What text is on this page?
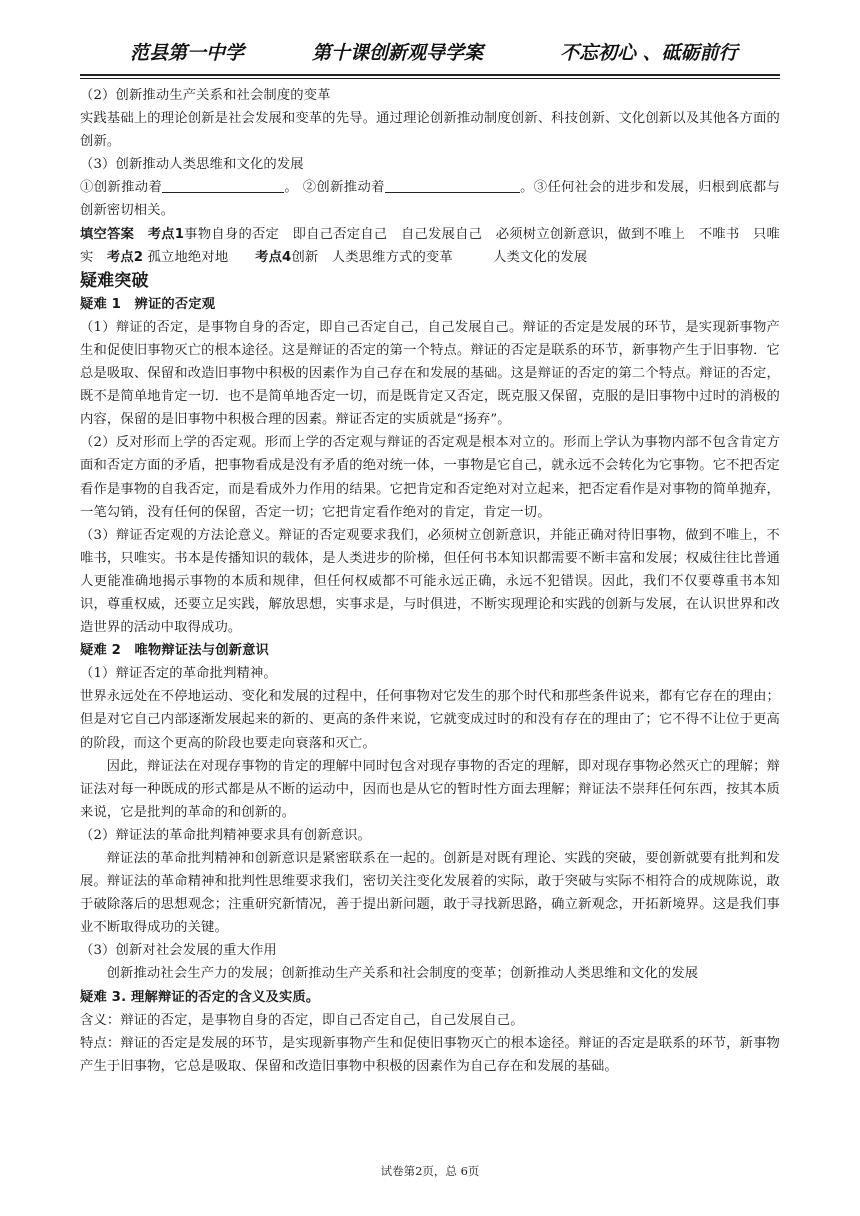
范县第一中学	第十课创新观导学案	不忘初心 、砥砺前行

（2）创新推动生产关系和社会制度的变革

实践基础上的理论创新是社会发展和变革的先导。通过理论创新推动制度创新、科技创新、文化创新以及其他各方面的创新。

（3）创新推动人类思维和文化的发展

①创新推动着	。 ②创新推动着	。③任何社会的进步和发展，归根到底都与创新密切相关。

填空答案　 考点1事物自身的否定　即自己否定自己　自己发展自己　必须树立创新意识，做到不唯上　不唯书　只唯实　考点2 孤立地绝对地　　考点4创新　人类思维方式的变革　　　人类文化的发展

疑难突破

疑难 1　辨证的否定观

（1）辩证的否定，是事物自身的否定，即自己否定自己，自己发展自己。辩证的否定是发展的环节，是实现新事物产生和促使旧事物灭亡的根本途径。这是辩证的否定的第一个特点。辩证的否定是联系的环节，新事物产生于旧事物．它总是吸取、保留和改造旧事物中积极的因素作为自己存在和发展的基础。这是辩证的否定的第二个特点。辩证的否定，既不是简单地肯定一切．也不是简单地否定一切，而是既肯定又否定，既克服又保留，克服的是旧事物中过时的消极的内容，保留的是旧事物中积极合理的因素。辩证否定的实质就是“扬弃”。

（2）反对形而上学的否定观。形而上学的否定观与辩证的否定观是根本对立的。形而上学认为事物内部不包含肯定方面和否定方面的矛盾，把事物看成是没有矛盾的绝对统一体，一事物是它自己，就永远不会转化为它事物。它不把否定看作是事物的自我否定，而是看成外力作用的结果。它把肯定和否定绝对对立起来，把否定看作是对事物的简单抛弃，一笔勾销，没有任何的保留，否定一切；它把肯定看作绝对的肯定，肯定一切。

（3）辩证否定观的方法论意义。辩证的否定观要求我们，必须树立创新意识，并能正确对待旧事物，做到不唯上，不唯书，只唯实。书本是传播知识的载体，是人类进步的阶梯，但任何书本知识都需要不断丰富和发展；权威往往比普通人更能准确地揭示事物的本质和规律，但任何权威都不可能永远正确，永远不犯错误。因此，我们不仅要尊重书本知识，尊重权威，还要立足实践，解放思想，实事求是，与时俱进，不断实现理论和实践的创新与发展，在认识世界和改造世界的活动中取得成功。

疑难 2　唯物辩证法与创新意识

（1）辩证否定的革命批判精神。

世界永远处在不停地运动、变化和发展的过程中，任何事物对它发生的那个时代和那些条件说来，都有它存在的理由；但是对它自己内部逐渐发展起来的新的、更高的条件来说，它就变成过时的和没有存在的理由了；它不得不让位于更高的阶段，而这个更高的阶段也要走向衰落和灭亡。

因此，辩证法在对现存事物的肯定的理解中同时包含对现存事物的否定的理解，即对现存事物必然灭亡的理解；辩证法对每一种既成的形式都是从不断的运动中，因而也是从它的暂时性方面去理解；辩证法不崇拜任何东西，按其本质来说，它是批判的革命的和创新的。

（2）辩证法的革命批判精神要求具有创新意识。

辩证法的革命批判精神和创新意识是紧密联系在一起的。创新是对既有理论、实践的突破，要创新就要有批判和发展。辩证法的革命精神和批判性思维要求我们，密切关注变化发展着的实际，敢于突破与实际不相符合的成规陈说，敢于破除落后的思想观念；注重研究新情况，善于提出新问题，敢于寻找新思路，确立新观念，开拓新境界。这是我们事业不断取得成功的关键。

（3）创新对社会发展的重大作用

创新推动社会生产力的发展；创新推动生产关系和社会制度的变革；创新推动人类思维和文化的发展

疑难 3. 理解辩证的否定的含义及实质。

含义：辩证的否定，是事物自身的否定，即自己否定自己，自己发展自己。

特点：辩证的否定是发展的环节，是实现新事物产生和促使旧事物灭亡的根本途径。辩证的否定是联系的环节，新事物产生于旧事物，它总是吸取、保留和改造旧事物中积极的因素作为自己存在和发展的基础。

试卷第2页，总 6页
